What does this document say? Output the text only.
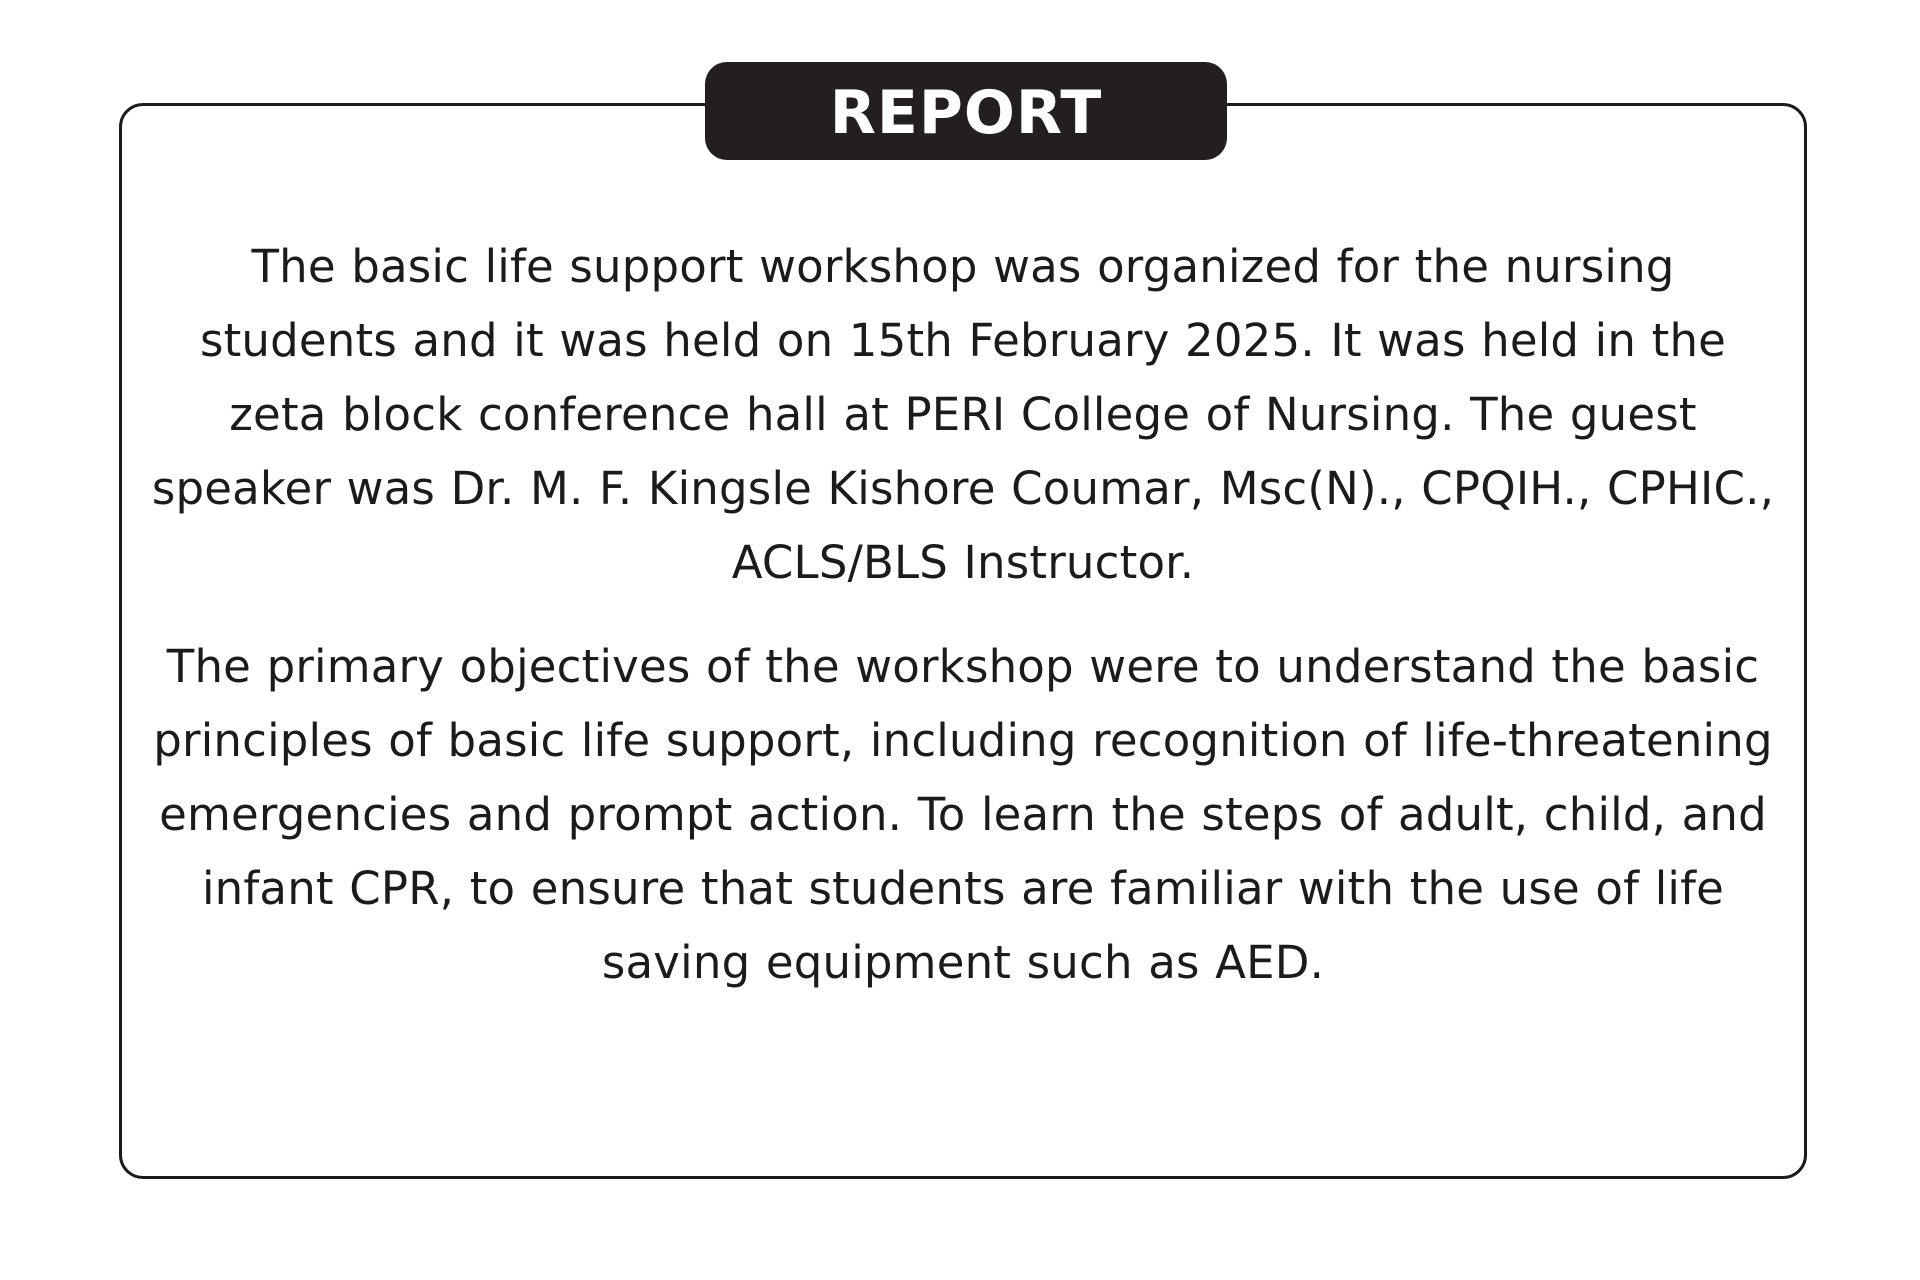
REPORT

The basic life support workshop was organized for the nursing students and it was held on 15th February 2025. It was held in the zeta block conference hall at PERI College of Nursing. The guest speaker was Dr. M. F. Kingsle Kishore Coumar, Msc(N)., CPQIH., CPHIC., ACLS/BLS Instructor.

The primary objectives of the workshop were to understand the basic principles of basic life support, including recognition of life-threatening emergencies and prompt action. To learn the steps of adult, child, and infant CPR, to ensure that students are familiar with the use of life saving equipment such as AED.
